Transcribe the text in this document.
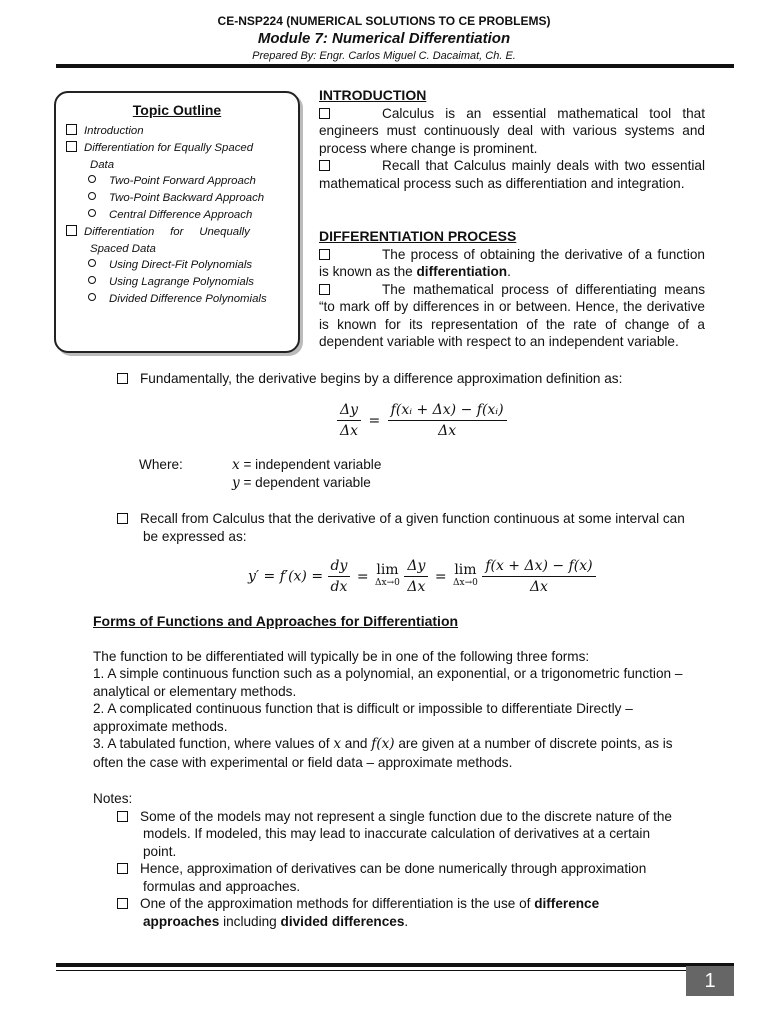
CE-NSP224 (NUMERICAL SOLUTIONS TO CE PROBLEMS)
Module 7: Numerical Differentiation
Prepared By: Engr. Carlos Miguel C. Dacaimat, Ch. E.
Topic Outline
Introduction
Differentiation for Equally Spaced
Data
Two-Point Forward Approach
Two-Point Backward Approach
Central Difference Approach
Differentiation     for     Unequally
Spaced Data
Using Direct-Fit Polynomials
Using Lagrange Polynomials
Divided Difference Polynomials
INTRODUCTION
Calculus is an essential mathematical tool that engineers must continuously deal with various systems and process where change is prominent.
Recall that Calculus mainly deals with two essential mathematical process such as differentiation and integration.
DIFFERENTIATION PROCESS
The process of obtaining the derivative of a function is known as the differentiation.
The mathematical process of differentiating means “to mark off by differences in or between. Hence, the derivative is known for its representation of the rate of change of a dependent variable with respect to an independent variable.
Fundamentally, the derivative begins by a difference approximation definition as:
$\frac{\Delta y}{\Delta x} = \frac{\text{f(xᵢ + Δx) − f(xᵢ)}}{\Delta x}$
Where:	x = independent variable
y = dependent variable
Recall from Calculus that the derivative of a given function continuous at some interval can be expressed as:
$y' = f'(x) = \frac{dy}{dx} = \lim$
Δx→0
$\frac{\Delta y}{\Delta x} = \lim$
Δx→0
$\frac{f(x + \Delta x) - f(x)}{\Delta x}$
Forms of Functions and Approaches for Differentiation
The function to be differentiated will typically be in one of the following three forms:
1. A simple continuous function such as a polynomial, an exponential, or a trigonometric function – analytical or elementary methods.
2. A complicated continuous function that is difficult or impossible to differentiate Directly – approximate methods.
3. A tabulated function, where values of x and f(x) are given at a number of discrete points, as is often the case with experimental or field data – approximate methods.
Notes:
Some of the models may not represent a single function due to the discrete nature of the models. If modeled, this may lead to inaccurate calculation of derivatives at a certain point.
Hence, approximation of derivatives can be done numerically through approximation formulas and approaches.
One of the approximation methods for differentiation is the use of difference approaches including divided differences.
1
